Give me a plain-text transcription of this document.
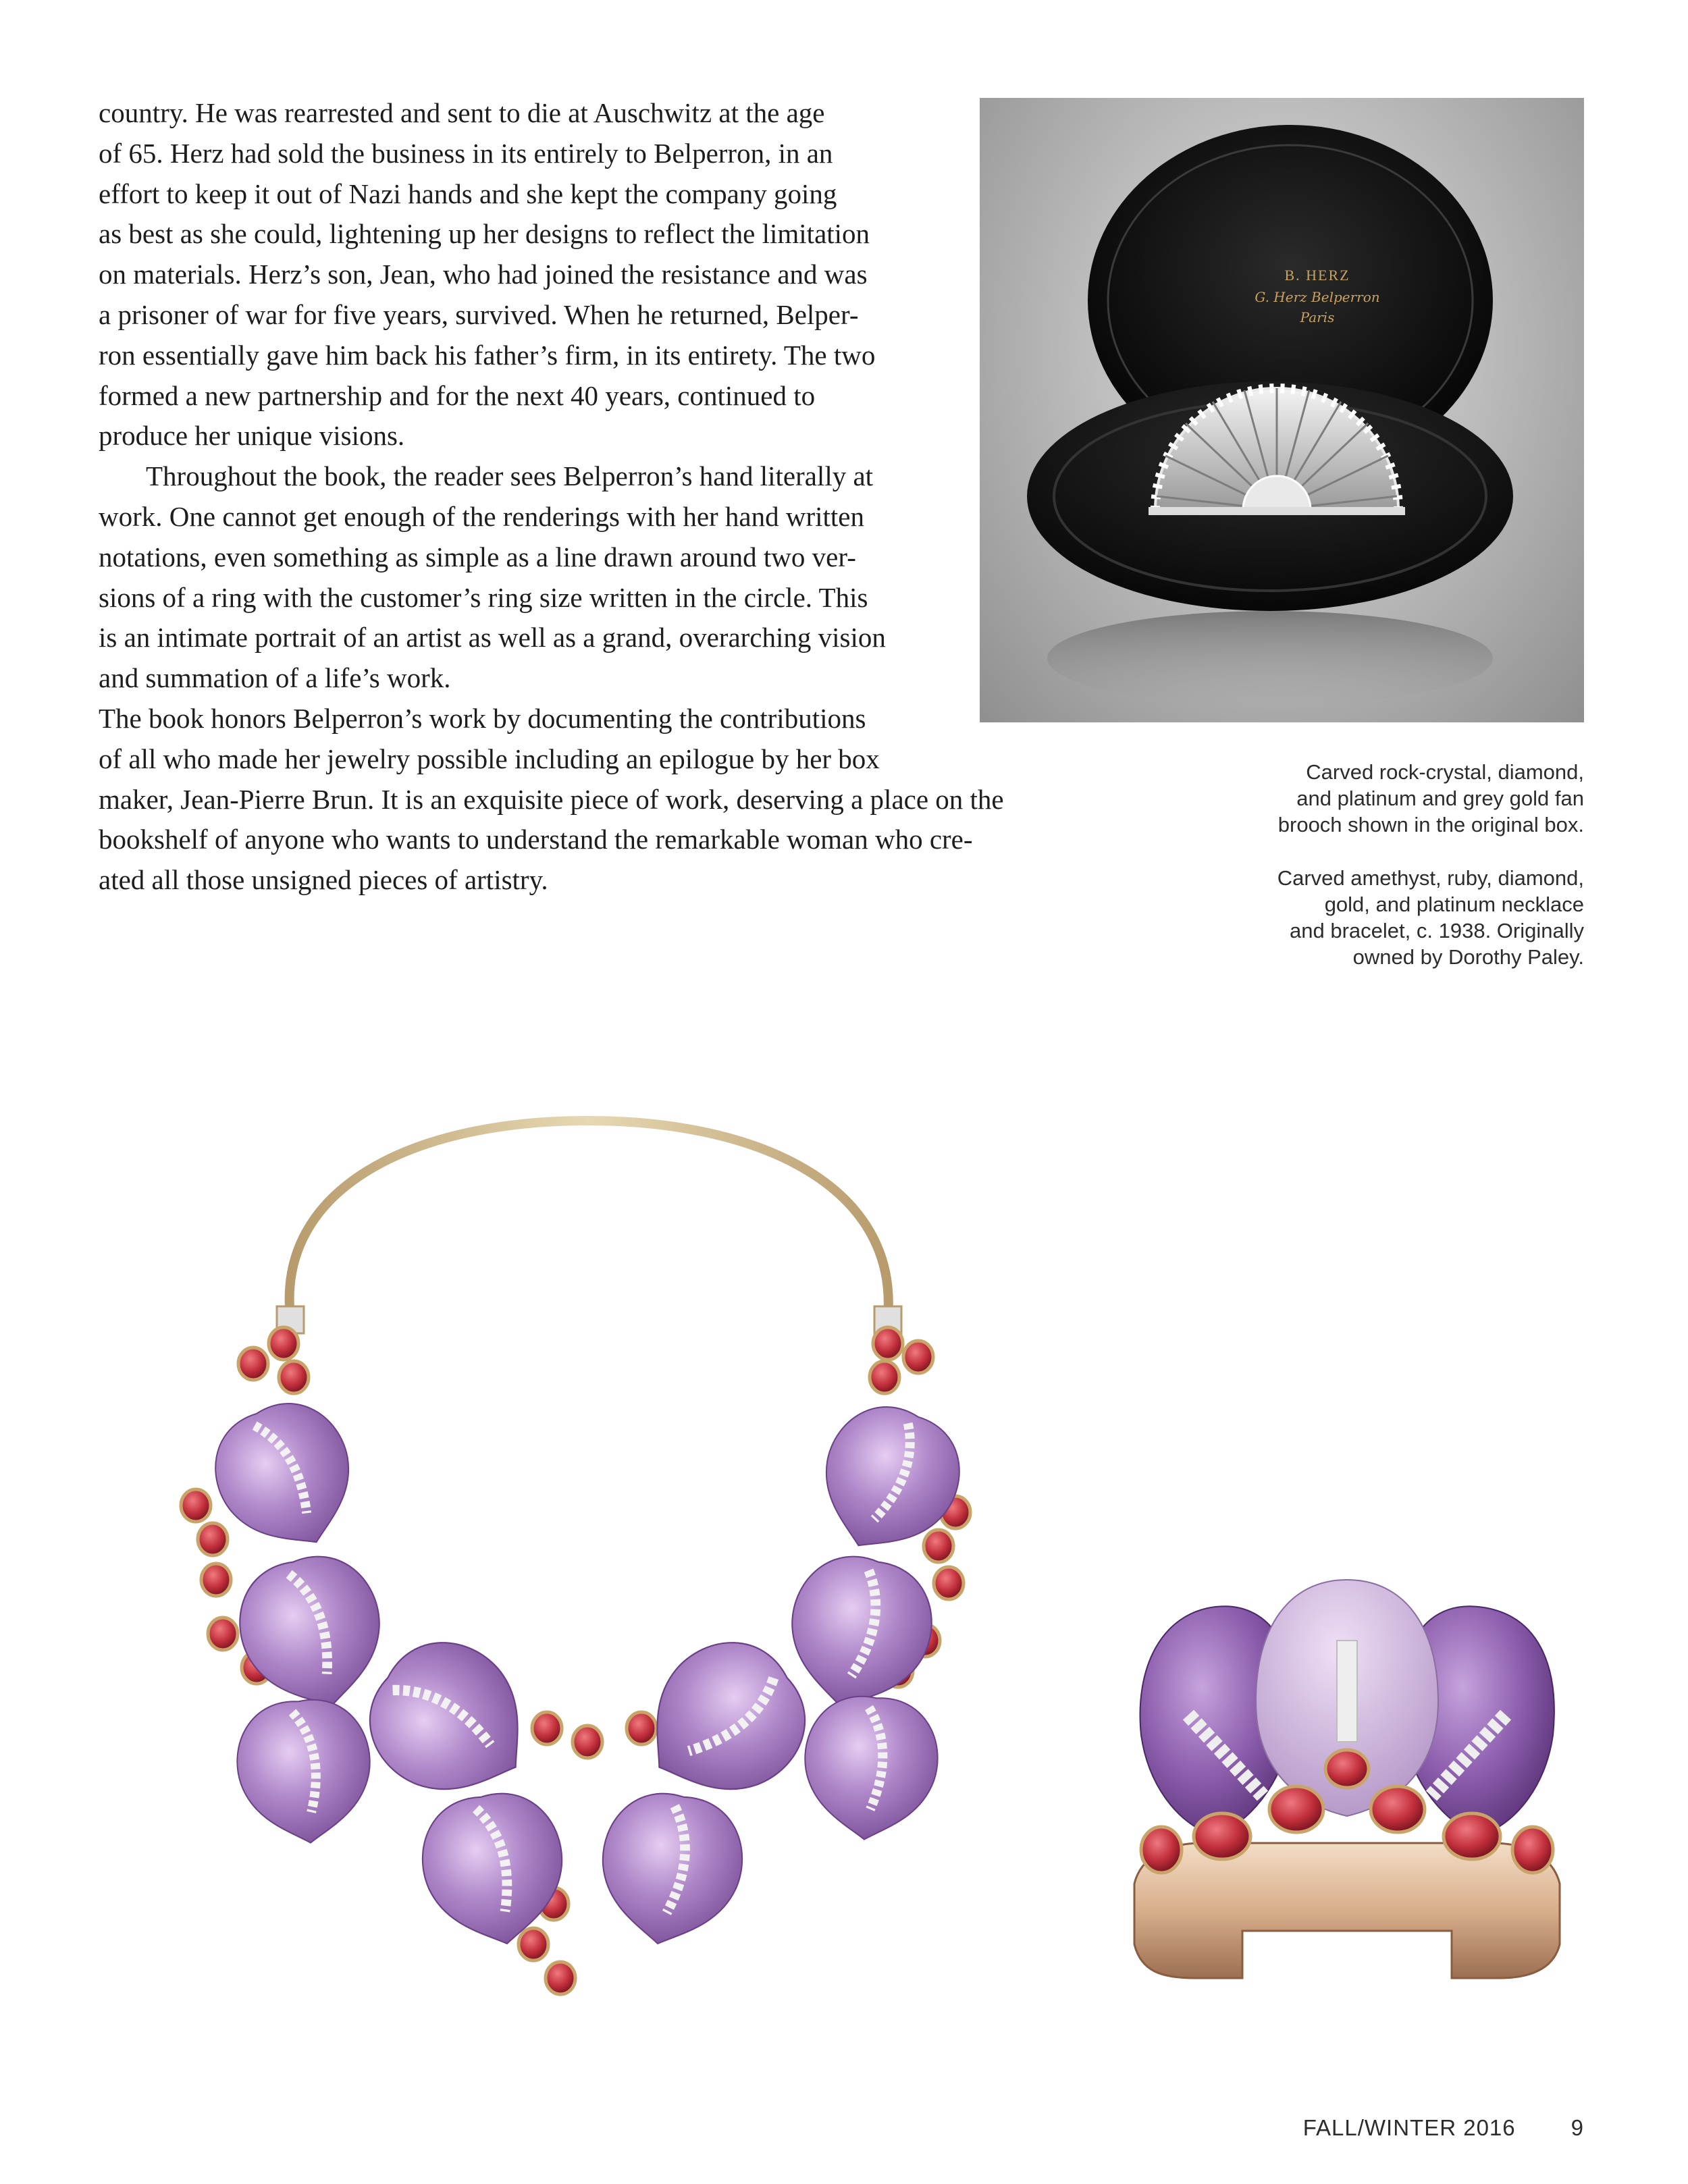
country. He was rearrested and sent to die at Auschwitz at the age
of 65. Herz had sold the business in its entirely to Belperron, in an
effort to keep it out of Nazi hands and she kept the company going
as best as she could, lightening up her designs to reflect the limitation
on materials. Herz’s son, Jean, who had joined the resistance and was
a prisoner of war for five years, survived. When he returned, Belper-
ron essentially gave him back his father’s firm, in its entirety. The two
formed a new partnership and for the next 40 years, continued to
produce her unique visions.
Throughout the book, the reader sees Belperron’s hand literally at
work. One cannot get enough of the renderings with her hand written
notations, even something as simple as a line drawn around two ver-
sions of a ring with the customer’s ring size written in the circle. This
is an intimate portrait of an artist as well as a grand, overarching vision
and summation of a life’s work.
The book honors Belperron’s work by documenting the contributions
of all who made her jewelry possible including an epilogue by her box
maker, Jean-Pierre Brun. It is an exquisite piece of work, deserving a place on the
bookshelf of anyone who wants to understand the remarkable woman who cre-
ated all those unsigned pieces of artistry.
B. HERZ
G. Herz Belperron
Paris
Carved rock-crystal, diamond,
and platinum and grey gold fan
brooch shown in the original box.
Carved amethyst, ruby, diamond,
gold, and platinum necklace
and bracelet, c. 1938. Originally
owned by Dorothy Paley.
FALL/WINTER 2016 9
